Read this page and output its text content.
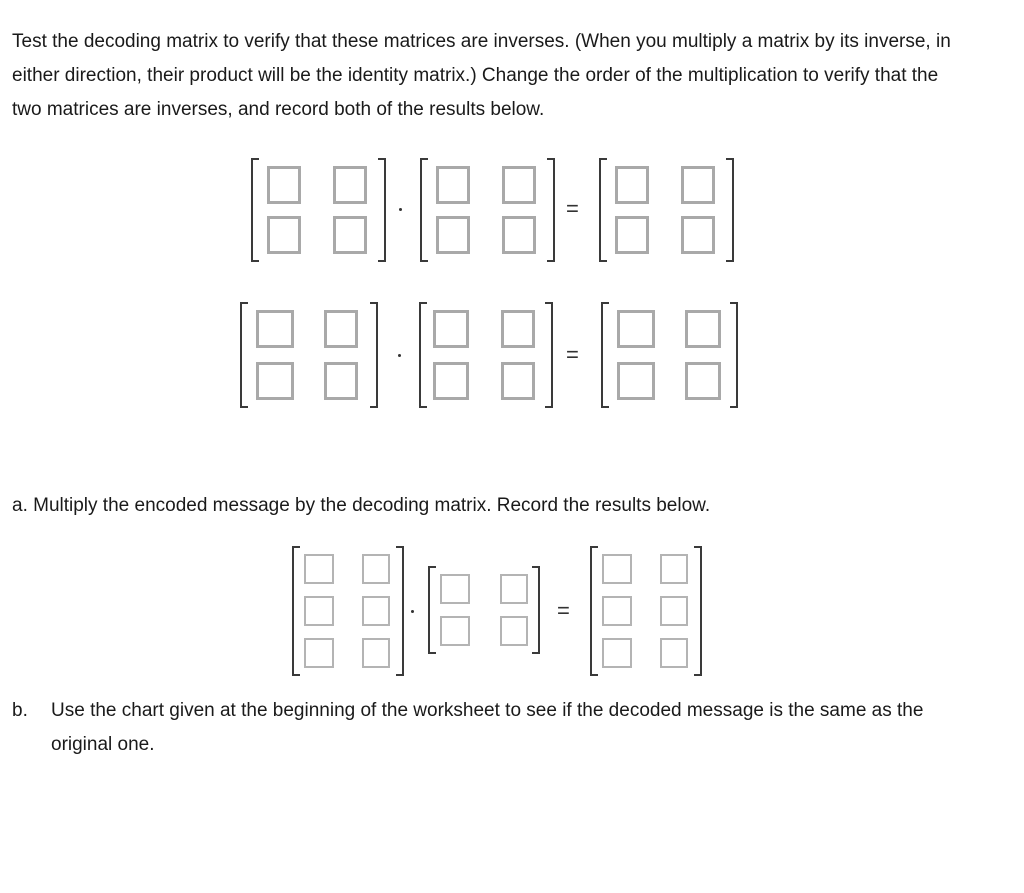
Test the decoding matrix to verify that these matrices are inverses. (When you multiply a matrix by its inverse, in either direction, their product will be the identity matrix.) Change the order of the multiplication to verify that the two matrices are inverses, and record both of the results below.

=
=

a. Multiply the encoded message by the decoding matrix. Record the results below.

=
b. Use the chart given at the beginning of the worksheet to see if the decoded message is the same as the original one.
